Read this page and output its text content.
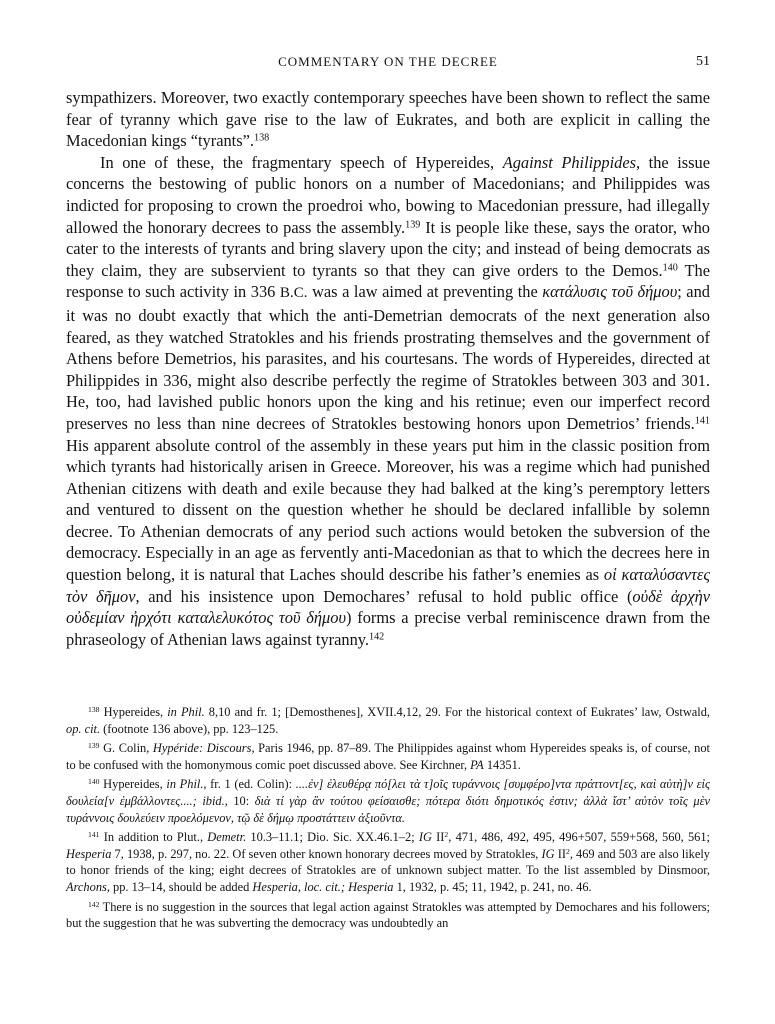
COMMENTARY ON THE DECREE	51

sympathizers. Moreover, two exactly contemporary speeches have been shown to reflect the same fear of tyranny which gave rise to the law of Eukrates, and both are explicit in calling the Macedonian kings “tyrants”.$^{138}$

In one of these, the fragmentary speech of Hypereides, Against Philippides, the issue concerns the bestowing of public honors on a number of Macedonians; and Philippides was indicted for proposing to crown the proedroi who, bowing to Macedonian pressure, had illegally allowed the honorary decrees to pass the assembly.$^{139}$ It is people like these, says the orator, who cater to the interests of tyrants and bring slavery upon the city; and instead of being democrats as they claim, they are subservient to tyrants so that they can give orders to the Demos.$^{140}$ The response to such activity in 336 B.C. was a law aimed at preventing the κατάλυσις τοῦ δήμου; and it was no doubt exactly that which the anti-Demetrian democrats of the next generation also feared, as they watched Stratokles and his friends prostrating themselves and the government of Athens before Demetrios, his parasites, and his courtesans. The words of Hypereides, directed at Philippides in 336, might also describe perfectly the regime of Stratokles between 303 and 301. He, too, had lavished public honors upon the king and his retinue; even our imperfect record preserves no less than nine decrees of Stratokles bestowing honors upon Demetrios’ friends.$^{141}$ His apparent absolute control of the assembly in these years put him in the classic position from which tyrants had historically arisen in Greece. Moreover, his was a regime which had punished Athenian citizens with death and exile because they had balked at the king’s peremptory letters and ventured to dissent on the question whether he should be declared infallible by solemn decree. To Athenian democrats of any period such actions would betoken the subversion of the democracy. Especially in an age as fervently anti-Macedonian as that to which the decrees here in question belong, it is natural that Laches should describe his father’s enemies as οἱ καταλύσαντες τὸν δῆμον, and his insistence upon Demochares’ refusal to hold public office (οὐδὲ ἀρχὴν οὐδεμίαν ἠρχότι καταλελυκότος τοῦ δήμου) forms a precise verbal reminiscence drawn from the phraseology of Athenian laws against tyranny.$^{142}$

$^{138}$ Hypereides, in Phil. 8,10 and fr. 1; [Demosthenes], XVII.4,12, 29. For the historical context of Eukrates’ law, Ostwald, op. cit. (footnote 136 above), pp. 123–125.

$^{139}$ G. Colin, Hypéride: Discours, Paris 1946, pp. 87–89. The Philippides against whom Hypereides speaks is, of course, not to be confused with the homonymous comic poet discussed above. See Kirchner, PA 14351.

$^{140}$ Hypereides, in Phil., fr. 1 (ed. Colin): ....ἐν] ἐλευθέρᾳ πό[λει τὰ τ]οῖς τυράννοις [συμφέρο]ντα πράττοντ[ες, καὶ αὐτὴ]ν εἰς δουλεία[ν ἐμβάλλοντες....; ibid., 10: διὰ τί γὰρ ἂν τούτου φείσαισθε; πότερα διότι δημοτικός ἐστιν; ἀλλὰ ἴστ’ αὐτὸν τοῖς μὲν τυράννοις δουλεύειν προελόμενον, τῷ δὲ δήμῳ προστάττειν ἀξιοῦντα.

$^{141}$ In addition to Plut., Demetr. 10.3–11.1; Dio. Sic. XX.46.1–2; IG $II^2$, 471, 486, 492, 495, 496+507, 559+568, 560, 561; Hesperia 7, 1938, p. 297, no. 22. Of seven other known honorary decrees moved by Stratokles, IG $II^2$, 469 and 503 are also likely to honor friends of the king; eight decrees of Stratokles are of unknown subject matter. To the list assembled by Dinsmoor, Archons, pp. 13–14, should be added Hesperia, loc. cit.; Hesperia 1, 1932, p. 45; 11, 1942, p. 241, no. 46.

$^{142}$ There is no suggestion in the sources that legal action against Stratokles was attempted by Demochares and his followers; but the suggestion that he was subverting the democracy was undoubtedly an
